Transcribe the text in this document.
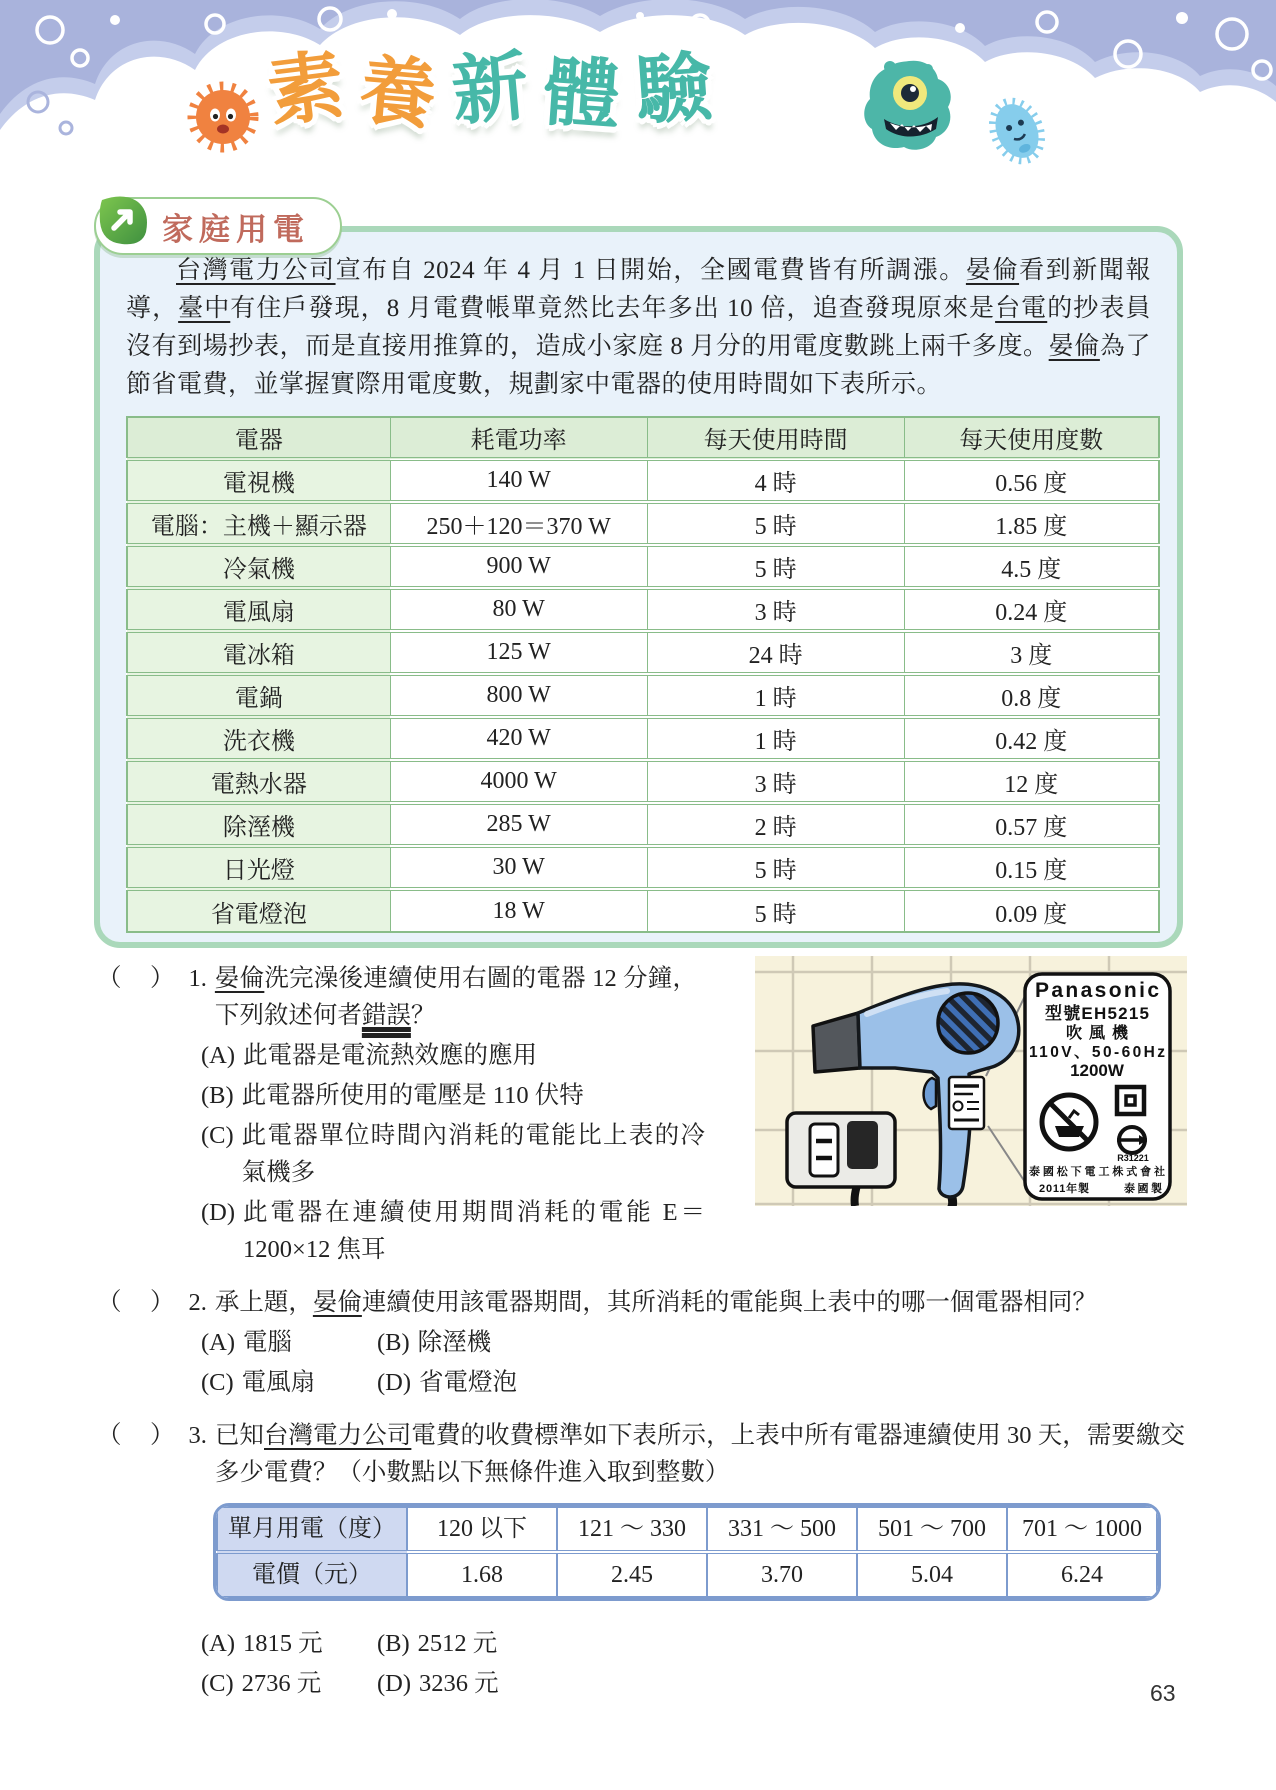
素 養 新 體 驗
家庭用電

台灣電力公司宣布自 2024 年 4 月 1 日開始，全國電費皆有所調漲。晏倫看到新聞報導，臺中有住戶發現，8 月電費帳單竟然比去年多出 10 倍，追查發現原來是台電的抄表員沒有到場抄表，而是直接用推算的，造成小家庭 8 月分的用電度數跳上兩千多度。晏倫為了節省電費，並掌握實際用電度數，規劃家中電器的使用時間如下表所示。

電器	耗電功率	每天使用時間	每天使用度數
電視機	140 W	4 時	0.56 度
電腦：主機＋顯示器	250＋120＝370 W	5 時	1.85 度
冷氣機	900 W	5 時	4.5 度
電風扇	80 W	3 時	0.24 度
電冰箱	125 W	24 時	3 度
電鍋	800 W	1 時	0.8 度
洗衣機	420 W	1 時	0.42 度
電熱水器	4000 W	3 時	12 度
除溼機	285 W	2 時	0.57 度
日光燈	30 W	5 時	0.15 度
省電燈泡	18 W	5 時	0.09 度
Panasonic
型號EH5215
吹風機
110V、50-60Hz
1200W
R31221
泰國松下電工株式會社
2011年製	泰國製
（　） 1. 晏倫洗完澡後連續使用右圖的電器 12 分鐘，下列敘述何者錯誤？
(A) 此電器是電流熱效應的應用
(B) 此電器所使用的電壓是 110 伏特
(C) 此電器單位時間內消耗的電能比上表的冷氣機多
(D) 此電器在連續使用期間消耗的電能 E＝1200×12 焦耳
（　） 2. 承上題，晏倫連續使用該電器期間，其所消耗的電能與上表中的哪一個電器相同？
(A) 電腦	(B) 除溼機
(C) 電風扇	(D) 省電燈泡
（　） 3. 已知台灣電力公司電費的收費標準如下表所示，上表中所有電器連續使用 30 天，需要繳交多少電費？（小數點以下無條件進入取到整數）
單月用電（度）	120 以下	121 ～ 330	331 ～ 500	501 ～ 700	701 ～ 1000
電價（元）	1.68	2.45	3.70	5.04	6.24
(A) 1815 元 (B) 2512 元
(C) 2736 元 (D) 3236 元	63
